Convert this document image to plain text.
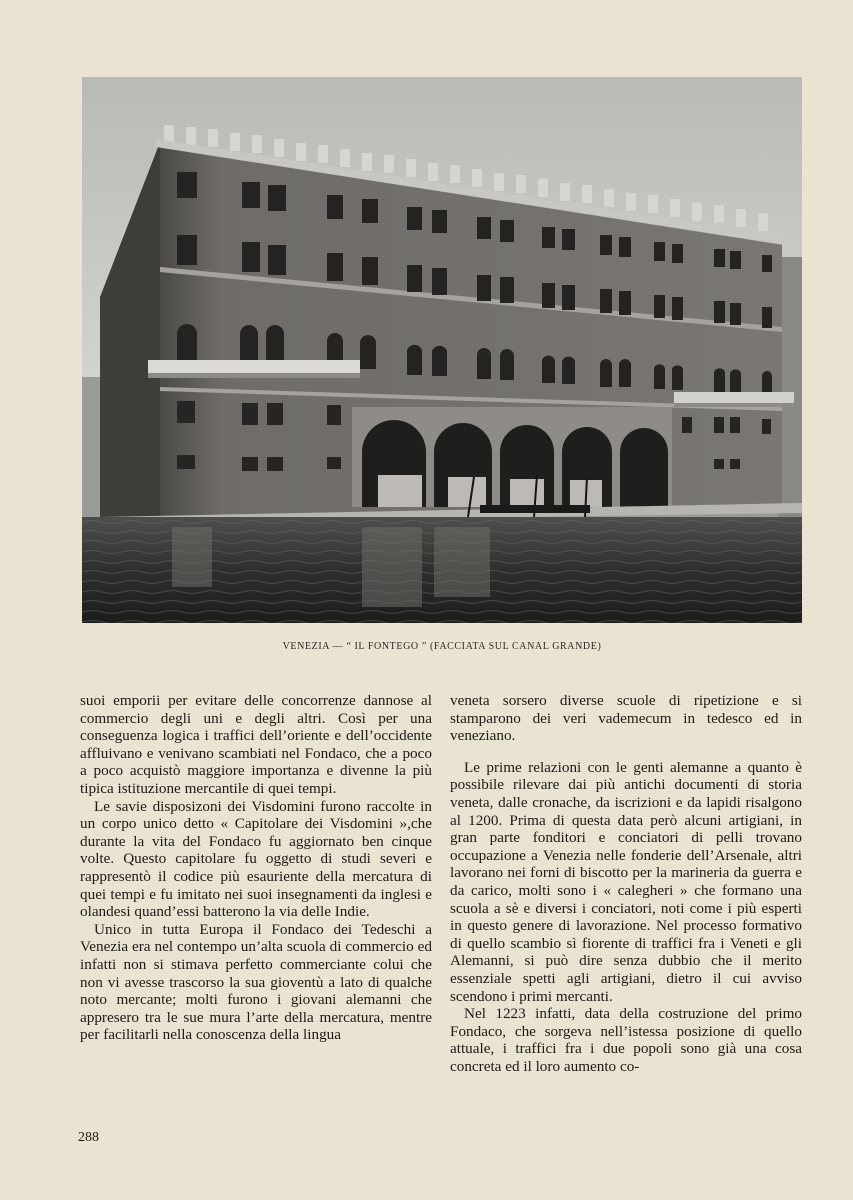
VENEZIA — “ IL FONTEGO ” (FACCIATA SUL CANAL GRANDE)

suoi emporii per evitare delle concorrenze dannose al commercio degli uni e degli altri. Così per una conseguenza logica i traffici dell’oriente e dell’occidente affluivano e venivano scambiati nel Fondaco, che a poco a poco acquistò maggiore importanza e divenne la più tipica istituzione mercantile di quei tempi.

Le savie disposizoni dei Visdomini furono raccolte in un corpo unico detto « Capitolare dei Visdomini »,che durante la vita del Fondaco fu aggiornato ben cinque volte. Questo capitolare fu oggetto di studi severi e rappresentò il codice più esauriente della mercatura di quei tempi e fu imitato nei suoi insegnamenti da inglesi e olandesi quand’essi batterono la via delle Indie.

Unico in tutta Europa il Fondaco dei Tedeschi a Venezia era nel contempo un’alta scuola di commercio ed infatti non si stimava perfetto commerciante colui che non vi avesse trascorso la sua gioventù a lato di qualche noto mercante; molti furono i giovani alemanni che appresero tra le sue mura l’arte della mercatura, mentre per facilitarli nella conoscenza della lingua

veneta sorsero diverse scuole di ripetizione e si stamparono dei veri vademecum in tedesco ed in veneziano.

Le prime relazioni con le genti alemanne a quanto è possibile rilevare dai più antichi documenti di storia veneta, dalle cronache, da iscrizioni e da lapidi risalgono al 1200. Prima di questa data però alcuni artigiani, in gran parte fonditori e conciatori di pelli trovano occupazione a Venezia nelle fonderie dell’Arsenale, altri lavorano nei forni di biscotto per la marineria da guerra e da carico, molti sono i « calegheri » che formano una scuola a sè e diversi i conciatori, noti come i più esperti in questo genere di lavorazione. Nel processo formativo di quello scambio sì fiorente di traffici fra i Veneti e gli Alemanni, si può dire senza dubbio che il merito essenziale spetti agli artigiani, dietro il cui avviso scendono i primi mercanti.

Nel 1223 infatti, data della costruzione del primo Fondaco, che sorgeva nell’istessa posizione di quello attuale, i traffici fra i due popoli sono già una cosa concreta ed il loro aumento co-

288
